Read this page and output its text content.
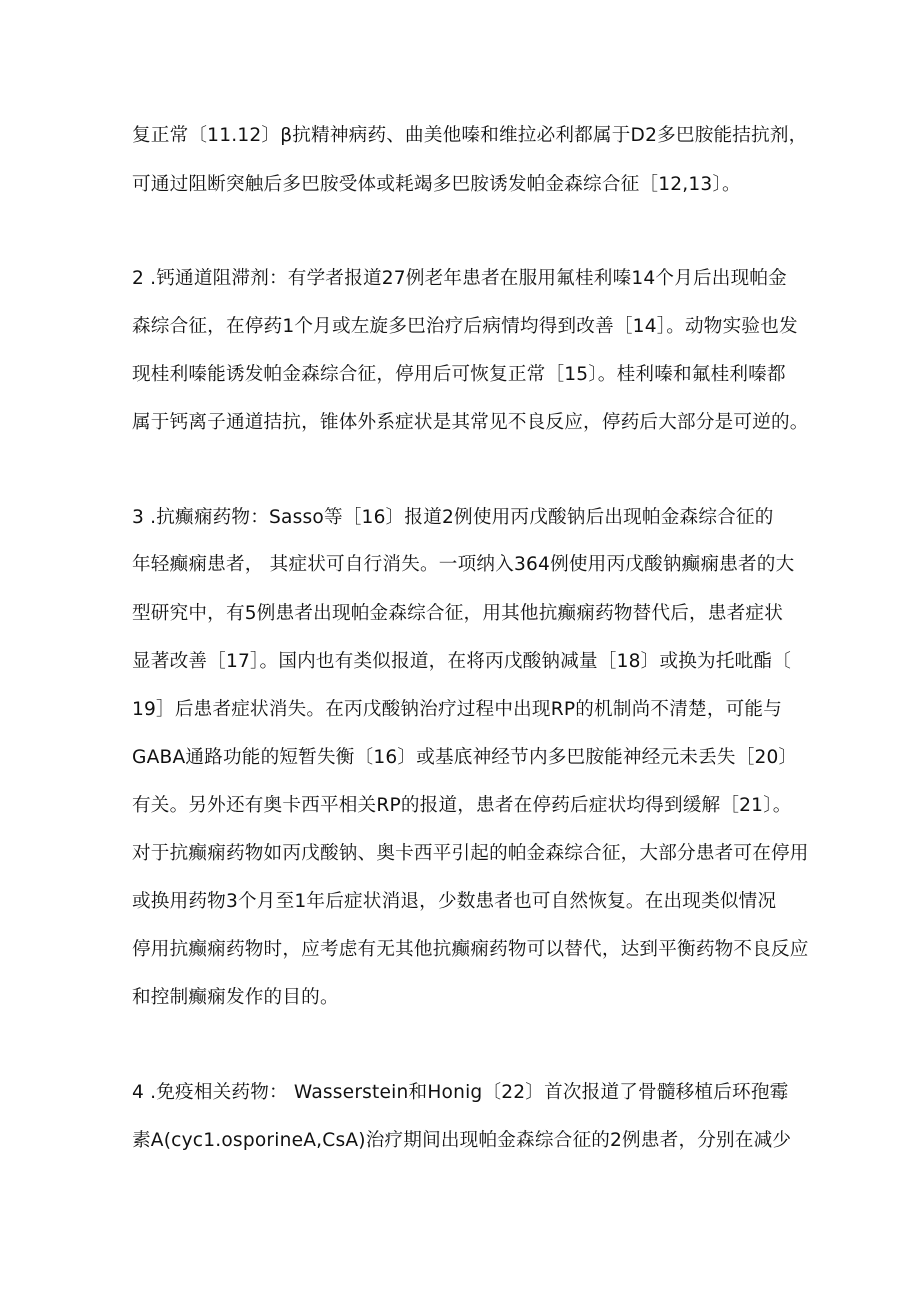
复正常〔11.12〕β抗精神病药、曲美他嗪和维拉必利都属于D2多巴胺能拮抗剂，
可通过阻断突触后多巴胺受体或耗竭多巴胺诱发帕金森综合征［12,13〕。
2 .钙通道阻滞剂：有学者报道27例老年患者在服用氟桂利嗪14个月后出现帕金
森综合征，在停药1个月或左旋多巴治疗后病情均得到改善［14］。动物实验也发
现桂利嗪能诱发帕金森综合征，停用后可恢复正常［15〕。桂利嗪和氟桂利嗪都
属于钙离子通道拮抗，锥体外系症状是其常见不良反应，停药后大部分是可逆的。
3 .抗癫痫药物：Sasso等［16〕报道2例使用丙戊酸钠后出现帕金森综合征的
年轻癫痫患者， 其症状可自行消失。一项纳入364例使用丙戊酸钠癫痫患者的大
型研究中，有5例患者出现帕金森综合征，用其他抗癫痫药物替代后，患者症状
显著改善［17］。国内也有类似报道，在将丙戊酸钠减量［18〕或换为托吡酯〔
19］后患者症状消失。在丙戊酸钠治疗过程中出现RP的机制尚不清楚，可能与
GABA通路功能的短暂失衡〔16〕或基底神经节内多巴胺能神经元未丢失［20〕
有关。另外还有奥卡西平相关RP的报道，患者在停药后症状均得到缓解［21〕。
对于抗癫痫药物如丙戊酸钠、奥卡西平引起的帕金森综合征，大部分患者可在停用
或换用药物3个月至1年后症状消退，少数患者也可自然恢复。在出现类似情况
停用抗癫痫药物时，应考虑有无其他抗癫痫药物可以替代，达到平衡药物不良反应
和控制癫痫发作的目的。
4 .免疫相关药物： Wasserstein和Honig〔22〕首次报道了骨髓移植后环孢霉
素A(cyc1.osporineA,CsA)治疗期间出现帕金森综合征的2例患者，分别在减少
